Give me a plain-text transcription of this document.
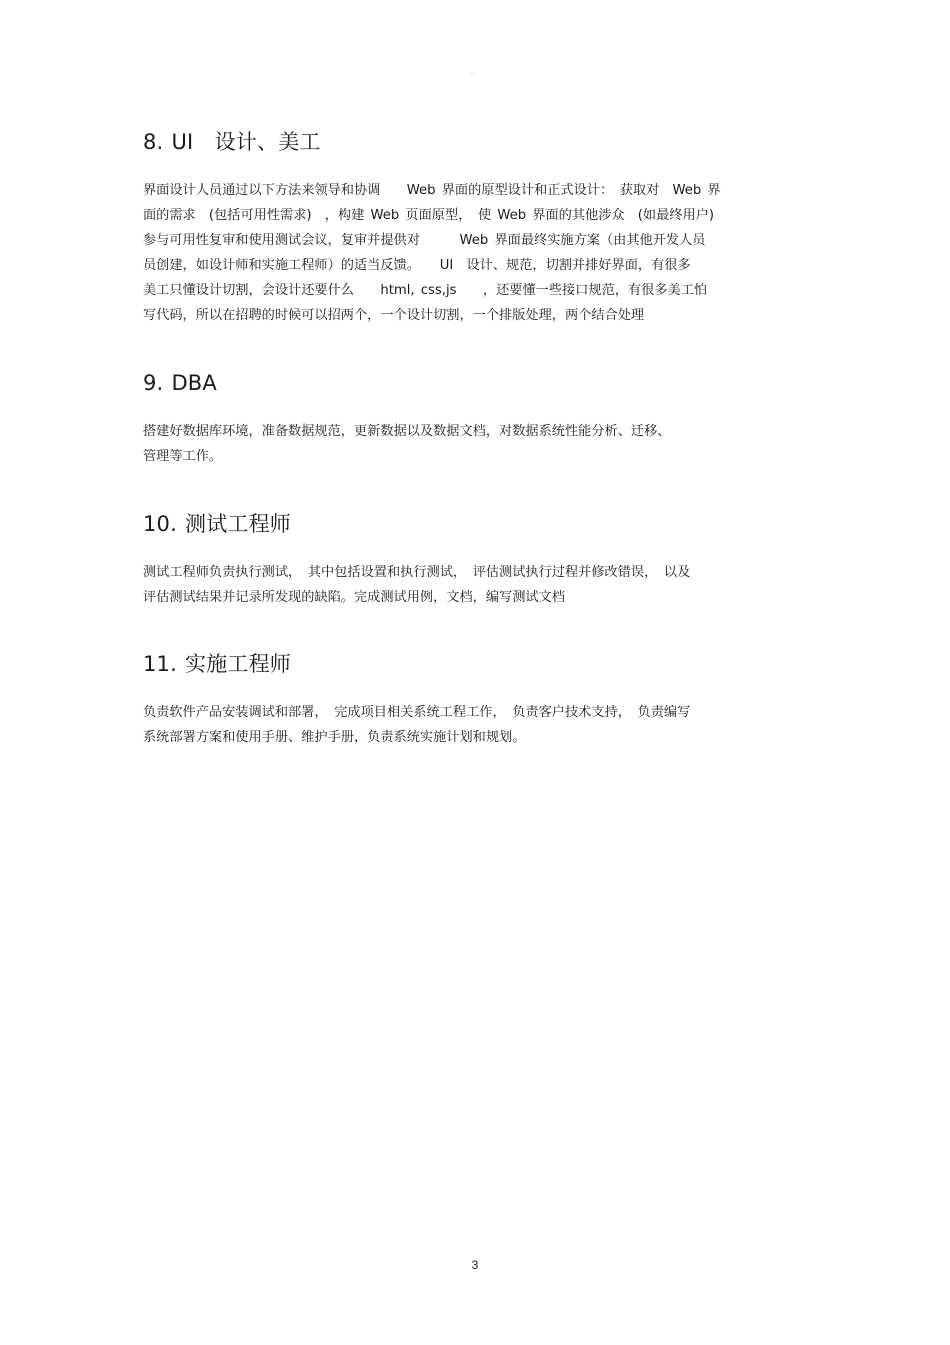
◦
8. UI　设计、美工
界面设计人员通过以下方法来领导和协调　　Web 界面的原型设计和正式设计：　获取对　Web 界
面的需求　(包括可用性需求)　，构建 Web 页面原型，　使 Web 界面的其他涉众　(如最终用户)
参与可用性复审和使用测试会议，复审并提供对　　　Web 界面最终实施方案（由其他开发人员
员创建，如设计师和实施工程师）的适当反馈。　　UI　设计、规范，切割并排好界面，有很多
美工只懂设计切割，会设计还要什么　　html, css,js　　，还要懂一些接口规范，有很多美工怕
写代码，所以在招聘的时候可以招两个，一个设计切割，一个排版处理，两个结合处理
9. DBA
搭建好数据库环境，准备数据规范，更新数据以及数据文档，对数据系统性能分析、迁移、
管理等工作。
10. 测试工程师
测试工程师负责执行测试，　其中包括设置和执行测试，　评估测试执行过程并修改错误，　以及
评估测试结果并记录所发现的缺陷。完成测试用例，文档，编写测试文档
11. 实施工程师
负责软件产品安装调试和部署，　完成项目相关系统工程工作，　负责客户技术支持，　负责编写
系统部署方案和使用手册、维护手册，负责系统实施计划和规划。
3
